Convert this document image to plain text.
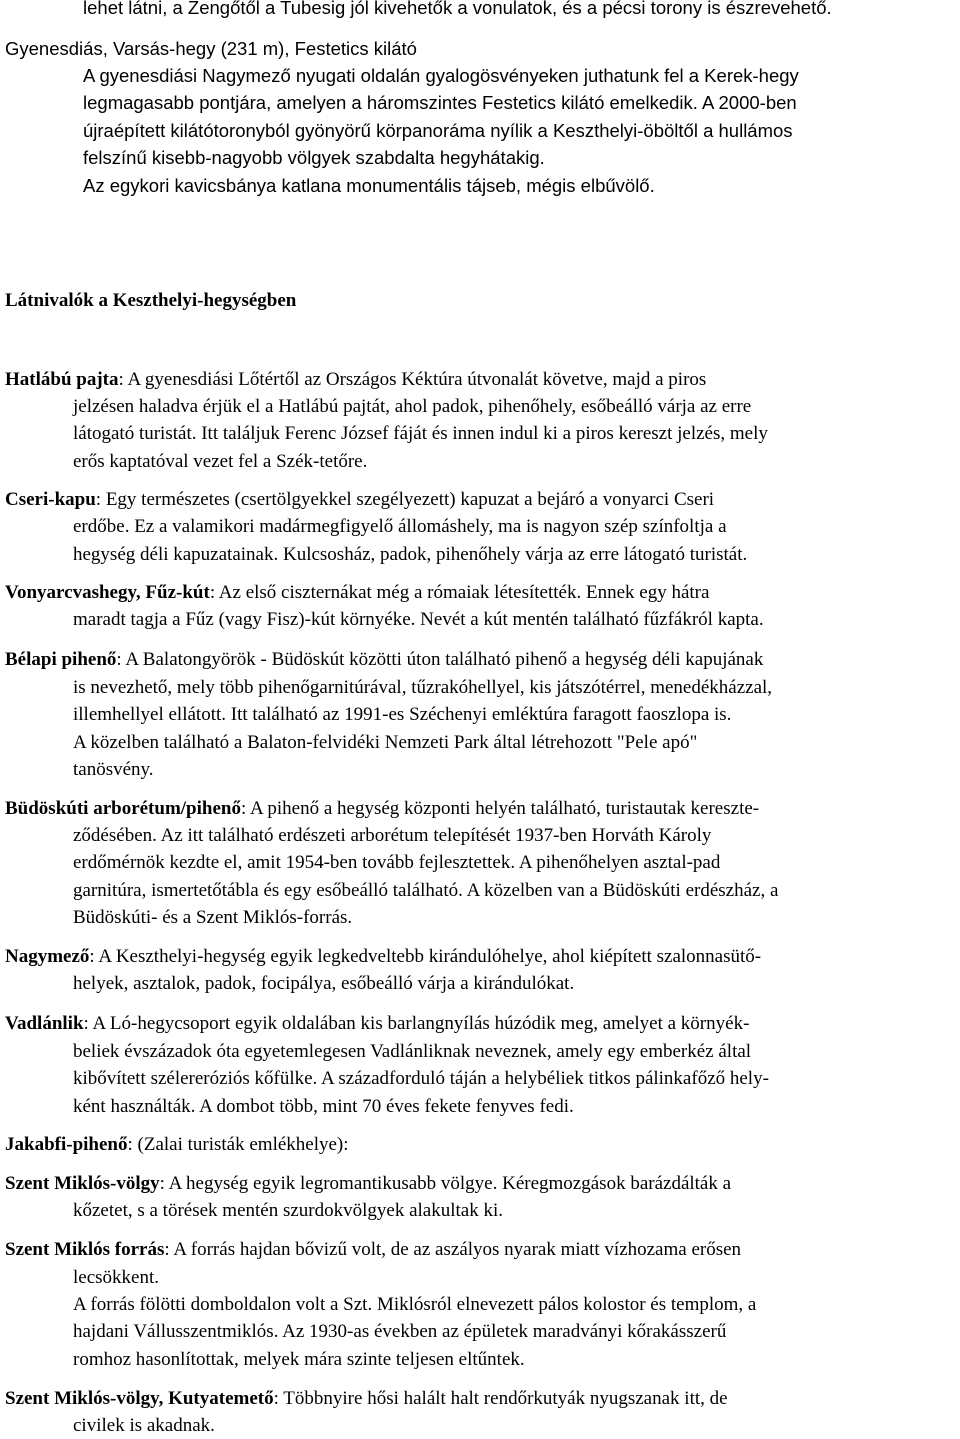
lehet látni, a Zengőtől a Tubesig jól kivehetők a vonulatok, és a pécsi torony is észrevehető.
Gyenesdiás, Varsás-hegy (231 m), Festetics kilátó
A gyenesdiási Nagymező nyugati oldalán gyalogösvényeken juthatunk fel a Kerek-hegy
legmagasabb pontjára, amelyen a háromszintes Festetics kilátó emelkedik. A 2000-ben
újraépített kilátótoronyból gyönyörű körpanoráma nyílik a Keszthelyi-öböltől a hullámos
felszínű kisebb-nagyobb völgyek szabdalta hegyhátakig.
Az egykori kavicsbánya katlana monumentális tájseb, mégis elbűvölő.
Látnivalók a Keszthelyi-hegységben
Hatlábú pajta: A gyenesdiási Lőtértől az Országos Kéktúra útvonalát követve, majd a piros
jelzésen haladva érjük el a Hatlábú pajtát, ahol padok, pihenőhely, esőbeálló várja az erre
látogató turistát. Itt találjuk Ferenc József fáját és innen indul ki a piros kereszt jelzés, mely
erős kaptatóval vezet fel a Szék-tetőre.
Cseri-kapu: Egy természetes (csertölgyekkel szegélyezett) kapuzat a bejáró a vonyarci Cseri
erdőbe. Ez a valamikori madármegfigyelő állomáshely, ma is nagyon szép színfoltja a
hegység déli kapuzatainak. Kulcsosház, padok, pihenőhely várja az erre látogató turistát.
Vonyarcvashegy, Fűz-kút: Az első ciszternákat még a rómaiak létesítették. Ennek egy hátra
maradt tagja a Fűz (vagy Fisz)-kút környéke. Nevét a kút mentén található fűzfákról kapta.
Bélapi pihenő: A Balatongyörök - Büdöskút közötti úton található pihenő a hegység déli kapujának
is nevezhető, mely több pihenőgarnitúrával, tűzrakóhellyel, kis játszótérrel, menedékházzal,
illemhellyel ellátott. Itt található az 1991-es Széchenyi emléktúra faragott faoszlopa is.
A közelben található a Balaton-felvidéki Nemzeti Park által létrehozott "Pele apó"
tanösvény.
Büdöskúti arborétum/pihenő: A pihenő a hegység központi helyén található, turistautak kereszte-
ződésében. Az itt található erdészeti arborétum telepítését 1937-ben Horváth Károly
erdőmérnök kezdte el, amit 1954-ben tovább fejlesztettek. A pihenőhelyen asztal-pad
garnitúra, ismertetőtábla és egy esőbeálló található. A közelben van a Büdöskúti erdészház, a
Büdöskúti- és a Szent Miklós-forrás.
Nagymező: A Keszthelyi-hegység egyik legkedveltebb kirándulóhelye, ahol kiépített szalonnasütő-
helyek, asztalok, padok, focipálya, esőbeálló várja a kirándulókat.
Vadlánlik: A Ló-hegycsoport egyik oldalában kis barlangnyílás húzódik meg, amelyet a környék-
beliek évszázadok óta egyetemlegesen Vadlánliknak neveznek, amely egy emberkéz által
kibővített szélereróziós kőfülke. A századforduló táján a helybéliek titkos pálinkafőző hely-
ként használták. A dombot több, mint 70 éves fekete fenyves fedi.
Jakabfi-pihenő: (Zalai turisták emlékhelye):
Szent Miklós-völgy: A hegység egyik legromantikusabb völgye. Kéregmozgások barázdálták a
kőzetet, s a törések mentén szurdokvölgyek alakultak ki.
Szent Miklós forrás: A forrás hajdan bővizű volt, de az aszályos nyarak miatt vízhozama erősen
lecsökkent.
A forrás fölötti domboldalon volt a Szt. Miklósról elnevezett pálos kolostor és templom, a
hajdani Vállusszentmiklós. Az 1930-as években az épületek maradványi kőrakásszerű
romhoz hasonlítottak, melyek mára szinte teljesen eltűntek.
Szent Miklós-völgy, Kutyatemető: Többnyire hősi halált halt rendőrkutyák nyugszanak itt, de
civilek is akadnak.
